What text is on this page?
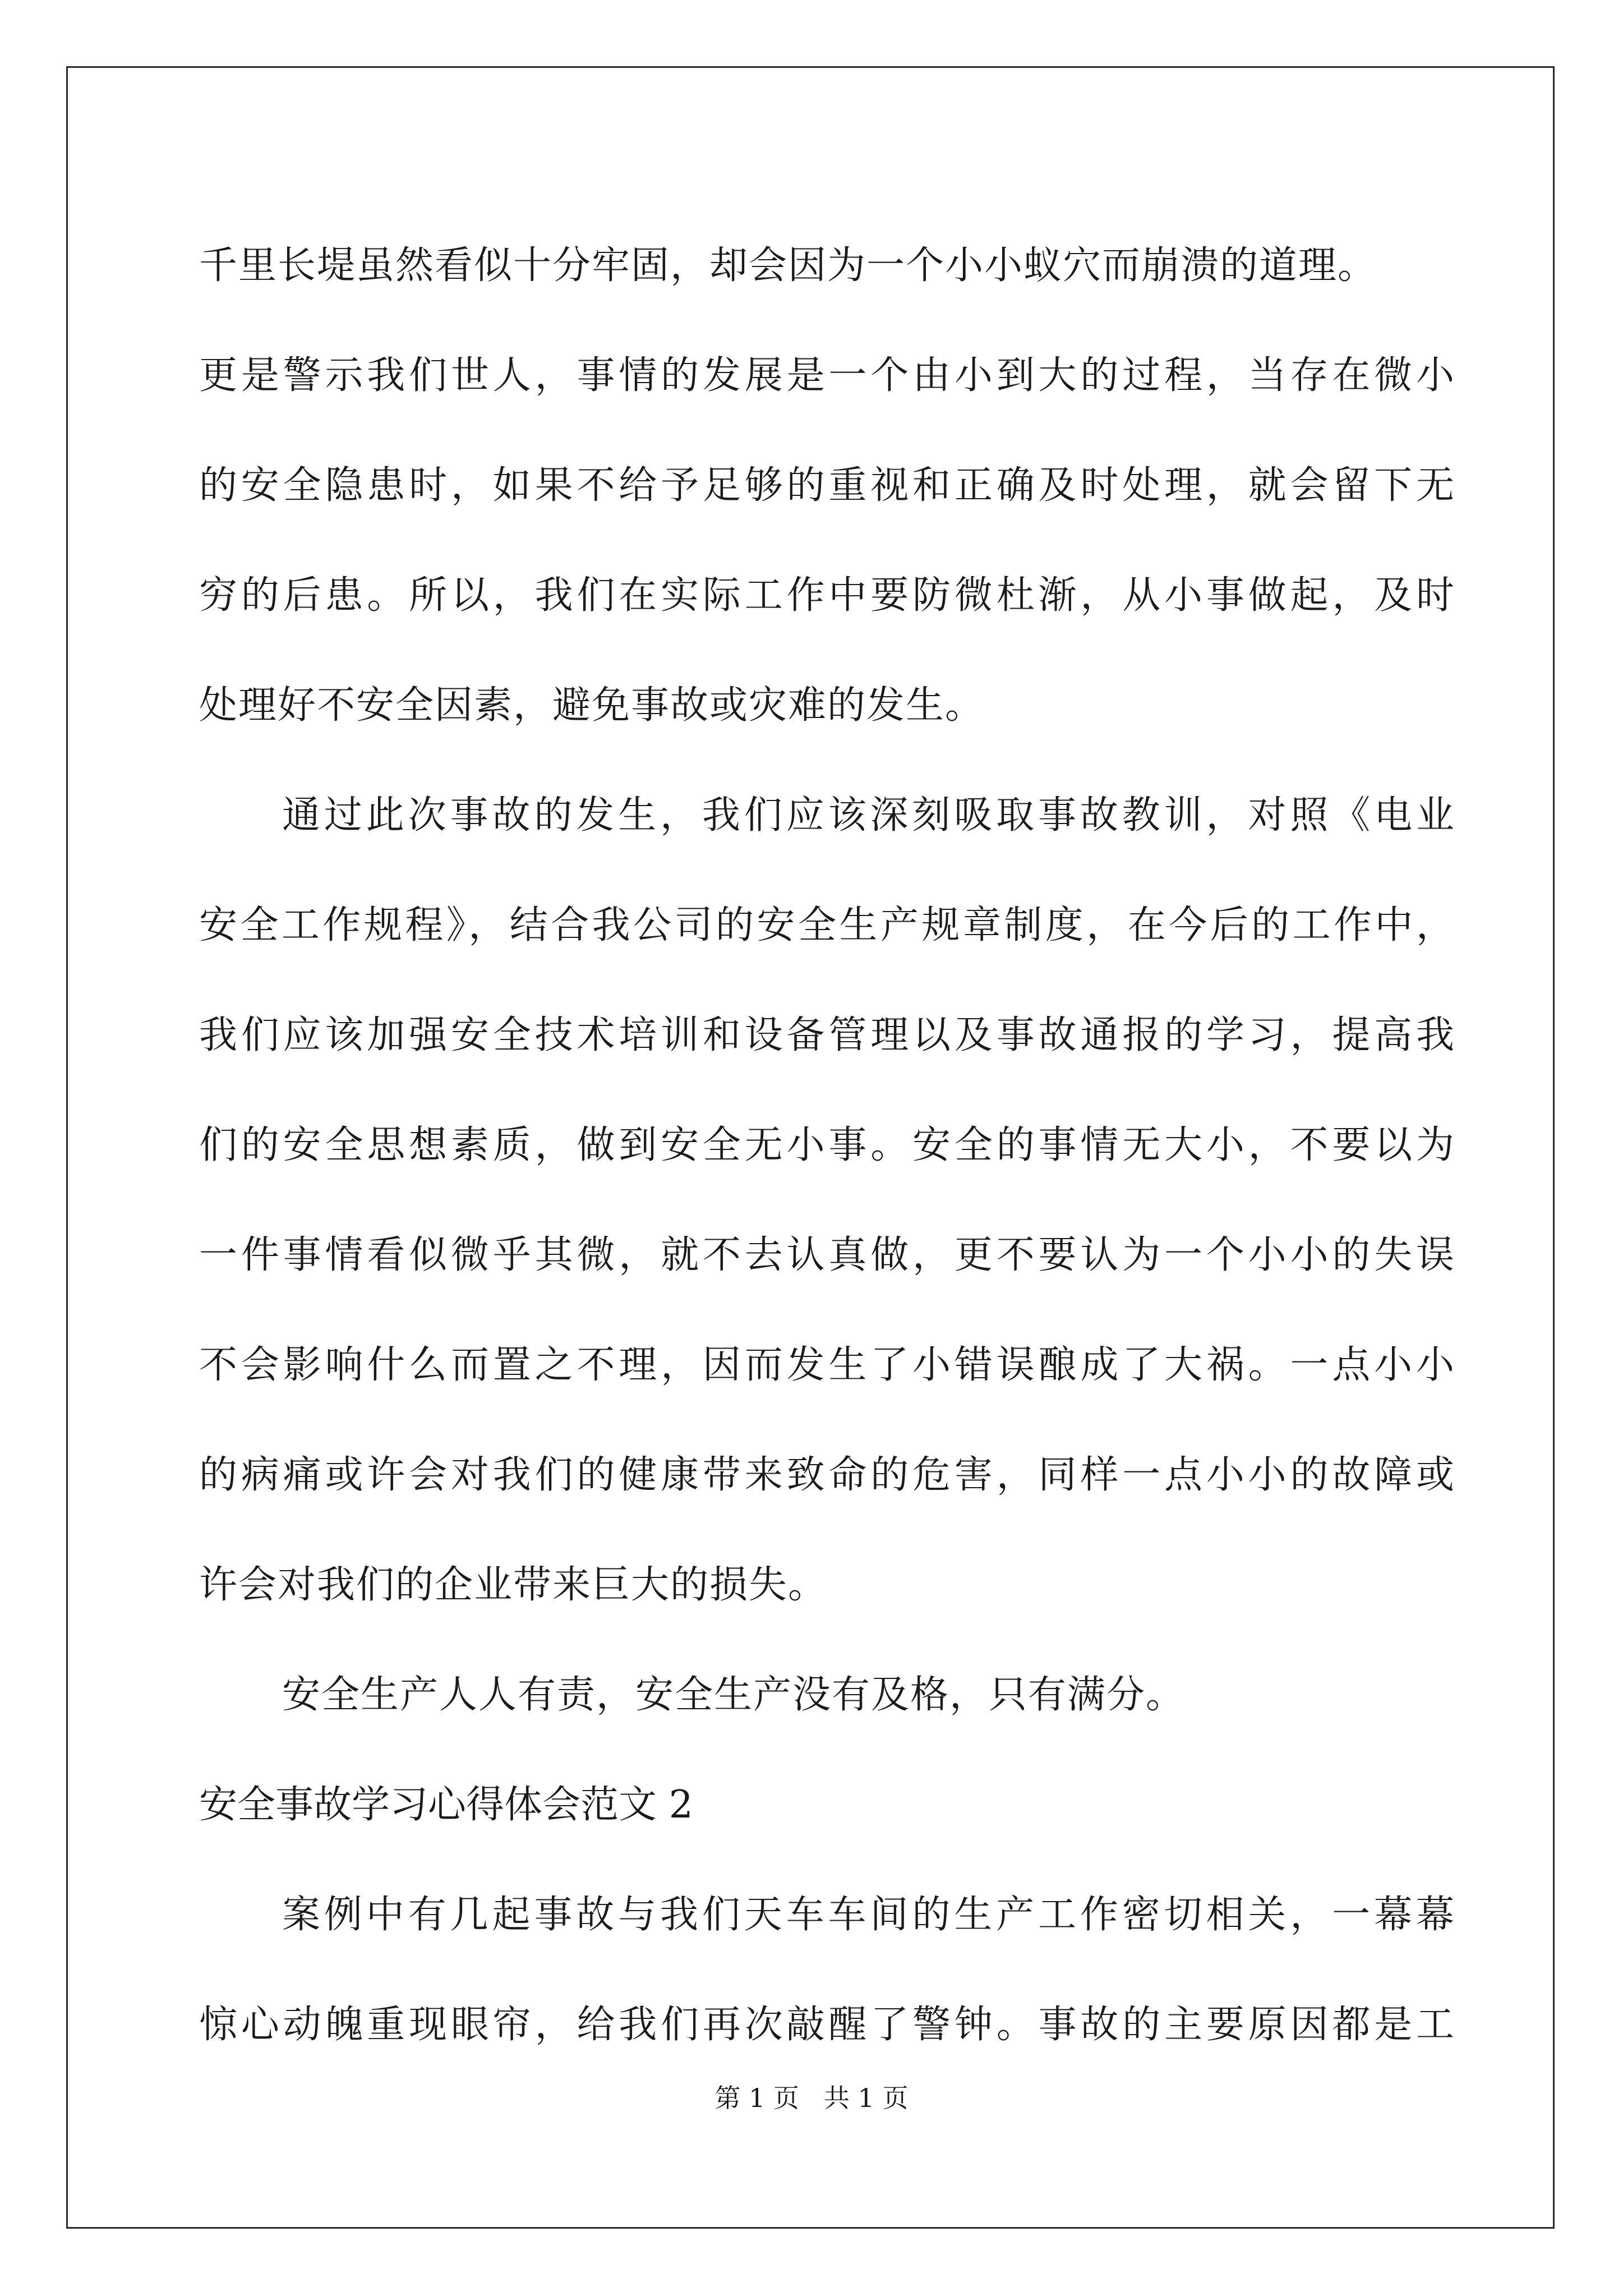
千里长堤虽然看似十分牢固，却会因为一个小小蚁穴而崩溃的道理。
更是警示我们世人，事情的发展是一个由小到大的过程，当存在微小
的安全隐患时，如果不给予足够的重视和正确及时处理，就会留下无
穷的后患。所以，我们在实际工作中要防微杜渐，从小事做起，及时
处理好不安全因素，避免事故或灾难的发生。
通过此次事故的发生，我们应该深刻吸取事故教训，对照《电业
安全工作规程》，结合我公司的安全生产规章制度，在今后的工作中，
我们应该加强安全技术培训和设备管理以及事故通报的学习，提高我
们的安全思想素质，做到安全无小事。安全的事情无大小，不要以为
一件事情看似微乎其微，就不去认真做，更不要认为一个小小的失误
不会影响什么而置之不理，因而发生了小错误酿成了大祸。一点小小
的病痛或许会对我们的健康带来致命的危害，同样一点小小的故障或
许会对我们的企业带来巨大的损失。
安全生产人人有责，安全生产没有及格，只有满分。
安全事故学习心得体会范文 2
案例中有几起事故与我们天车车间的生产工作密切相关，一幕幕
惊心动魄重现眼帘，给我们再次敲醒了警钟。事故的主要原因都是工
第 1 页 共 1 页
